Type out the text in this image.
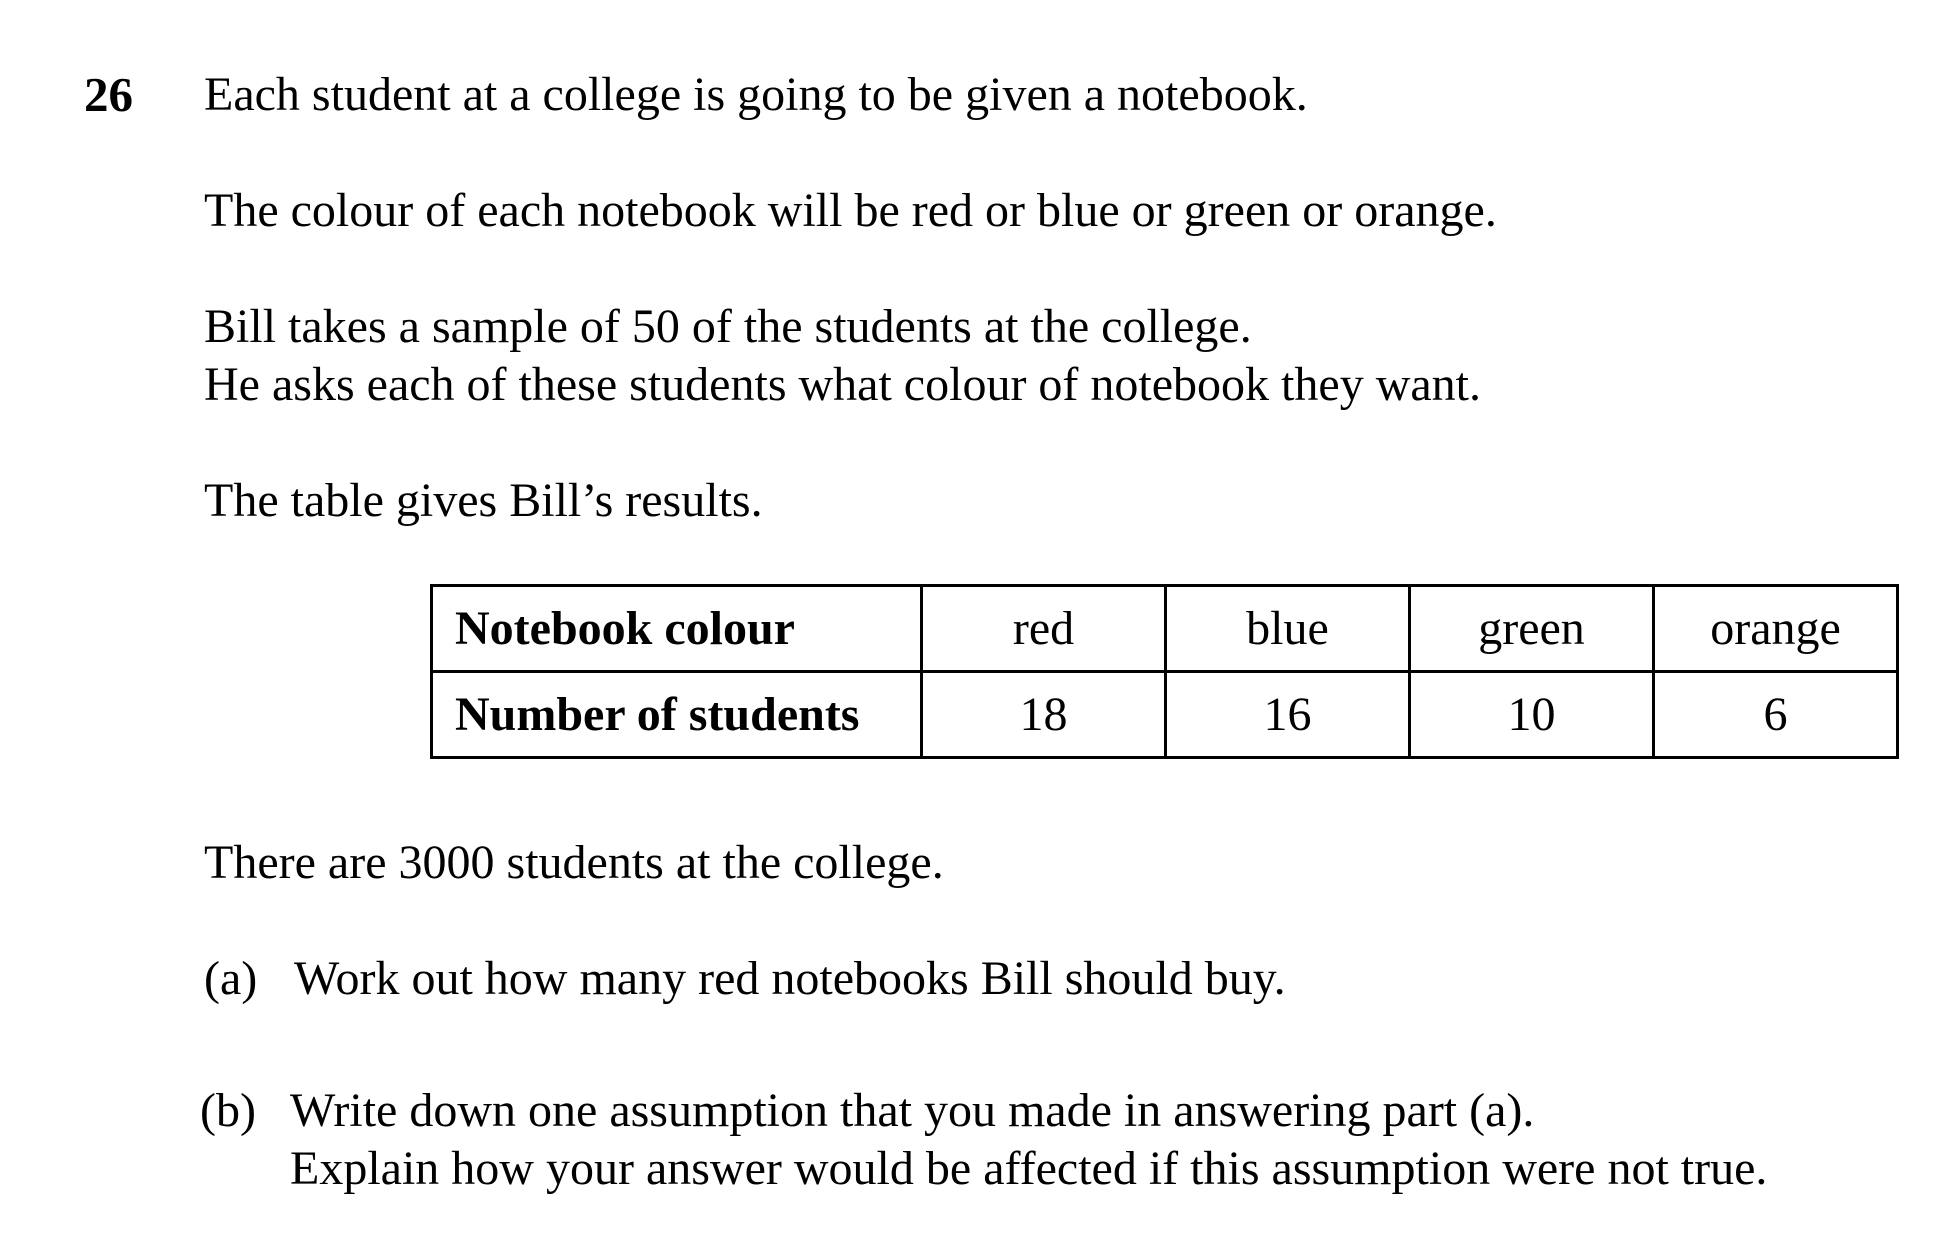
26 Each student at a college is going to be given a notebook.
The colour of each notebook will be red or blue or green or orange.
Bill takes a sample of 50 of the students at the college.
He asks each of these students what colour of notebook they want.
The table gives Bill’s results.
Notebook colour	red	blue	green	orange
Number of students	18	16	10	6
There are 3000 students at the college.
(a) Work out how many red notebooks Bill should buy.
(b) Write down one assumption that you made in answering part (a).
Explain how your answer would be affected if this assumption were not true.
